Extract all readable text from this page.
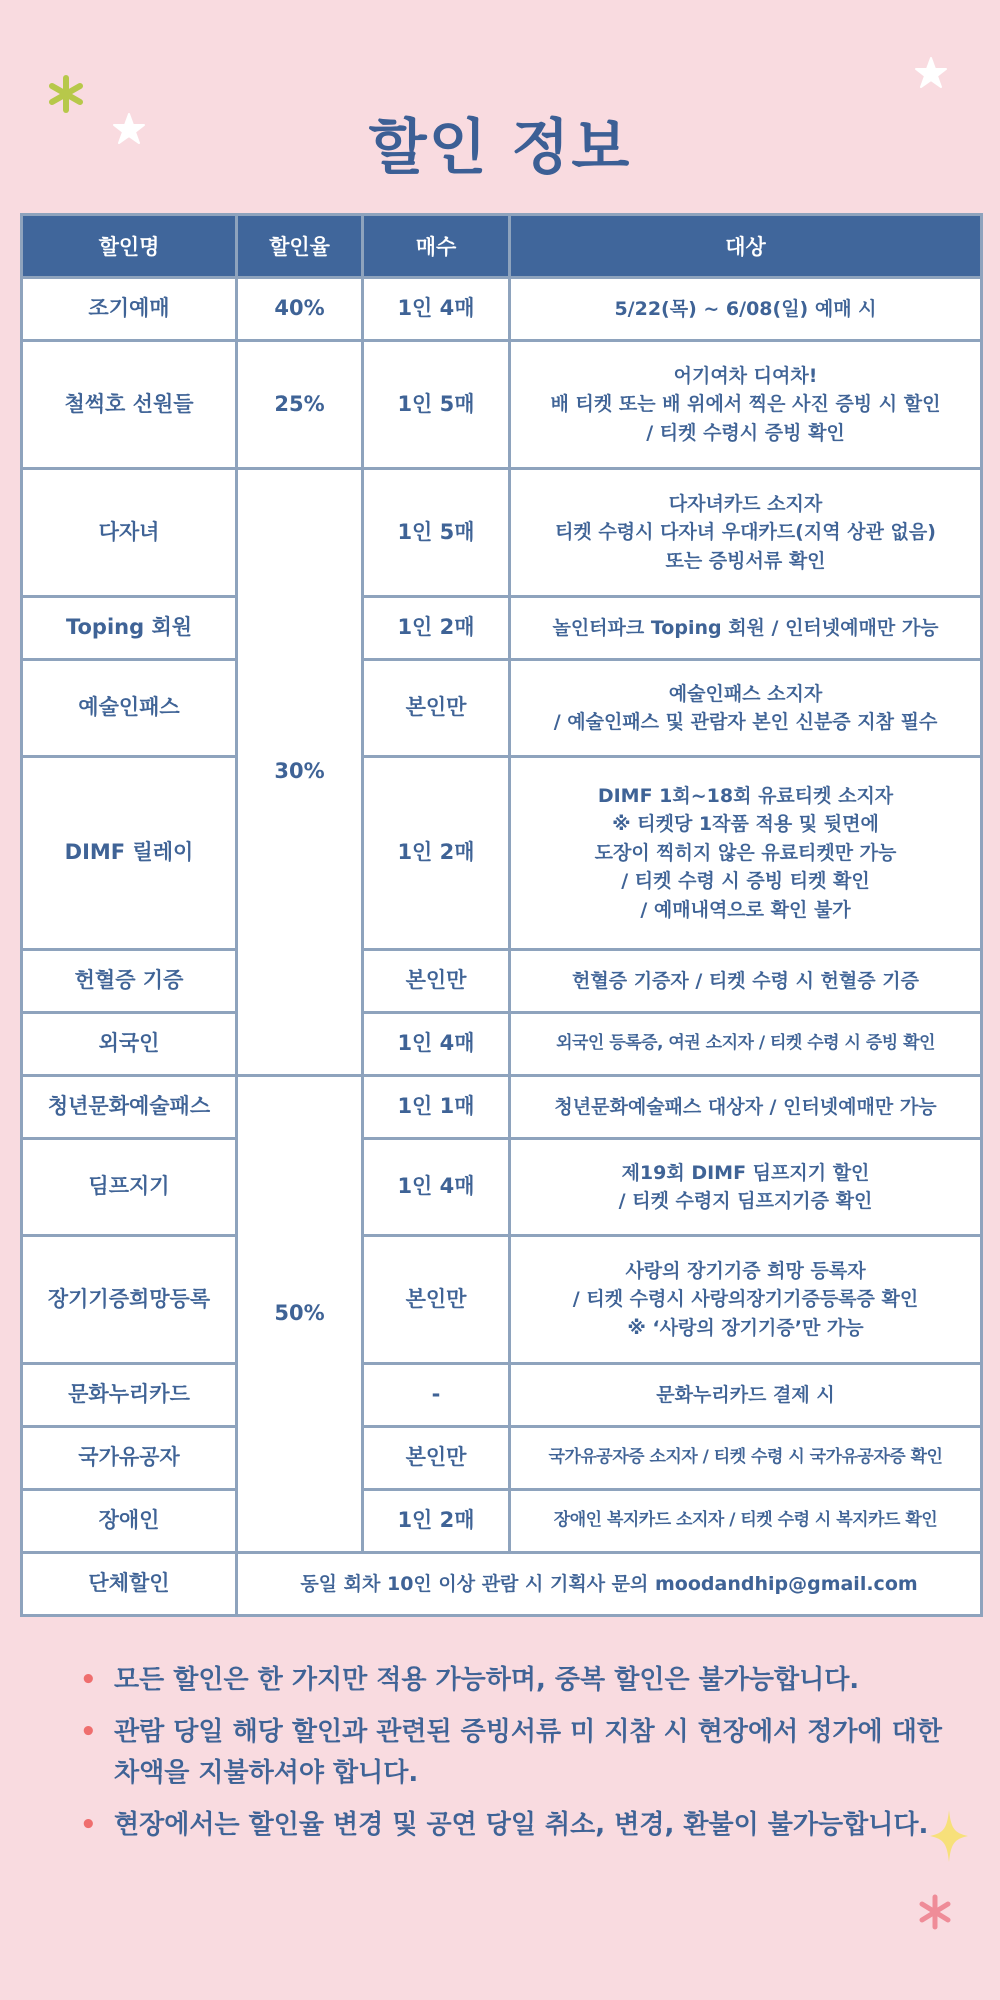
할인 정보
할인명	할인율	매수	대상
조기예매	40%	1인 4매	5/22(목) ~ 6/08(일) 예매 시

철썩호 선원들	25%	1인 5매	어기여차 디여차!
배 티켓 또는 배 위에서 찍은 사진 증빙 시 할인
/ 티켓 수령시 증빙 확인

다자녀	30%	1인 5매	다자녀카드 소지자
티켓 수령시 다자녀 우대카드(지역 상관 없음)
또는 증빙서류 확인

Toping 회원		1인 2매	놀인터파크 Toping 회원 / 인터넷예매만 가능

예술인패스		본인만	예술인패스 소지자
/ 예술인패스 및 관람자 본인 신분증 지참 필수

DIMF 릴레이		1인 2매	DIMF 1회~18회 유료티켓 소지자
※ 티켓당 1작품 적용 및 뒷면에
도장이 찍히지 않은 유료티켓만 가능
/ 티켓 수령 시 증빙 티켓 확인
/ 예매내역으로 확인 불가

헌혈증 기증		본인만	헌혈증 기증자 / 티켓 수령 시 헌혈증 기증

외국인		1인 4매	외국인 등록증, 여권 소지자 / 티켓 수령 시 증빙 확인

청년문화예술패스	50%	1인 1매	청년문화예술패스 대상자 / 인터넷예매만 가능

딤프지기		1인 4매	제19회 DIMF 딤프지기 할인
/ 티켓 수령지 딤프지기증 확인

장기기증희망등록		본인만	사랑의 장기기증 희망 등록자
/ 티켓 수령시 사랑의장기기증등록증 확인
※ ‘사랑의 장기기증’만 가능

문화누리카드		-	문화누리카드 결제 시

국가유공자		본인만	국가유공자증 소지자 / 티켓 수령 시 국가유공자증 확인

장애인		1인 2매	장애인 복지카드 소지자 / 티켓 수령 시 복지카드 확인

단체할인	동일 회차 10인 이상 관람 시 기획사 문의 moodandhip@gmail.com		
• 모든 할인은 한 가지만 적용 가능하며, 중복 할인은 불가능합니다.
• 관람 당일 해당 할인과 관련된 증빙서류 미 지참 시 현장에서 정가에 대한 차액을 지불하셔야 합니다.
• 현장에서는 할인율 변경 및 공연 당일 취소, 변경, 환불이 불가능합니다.
